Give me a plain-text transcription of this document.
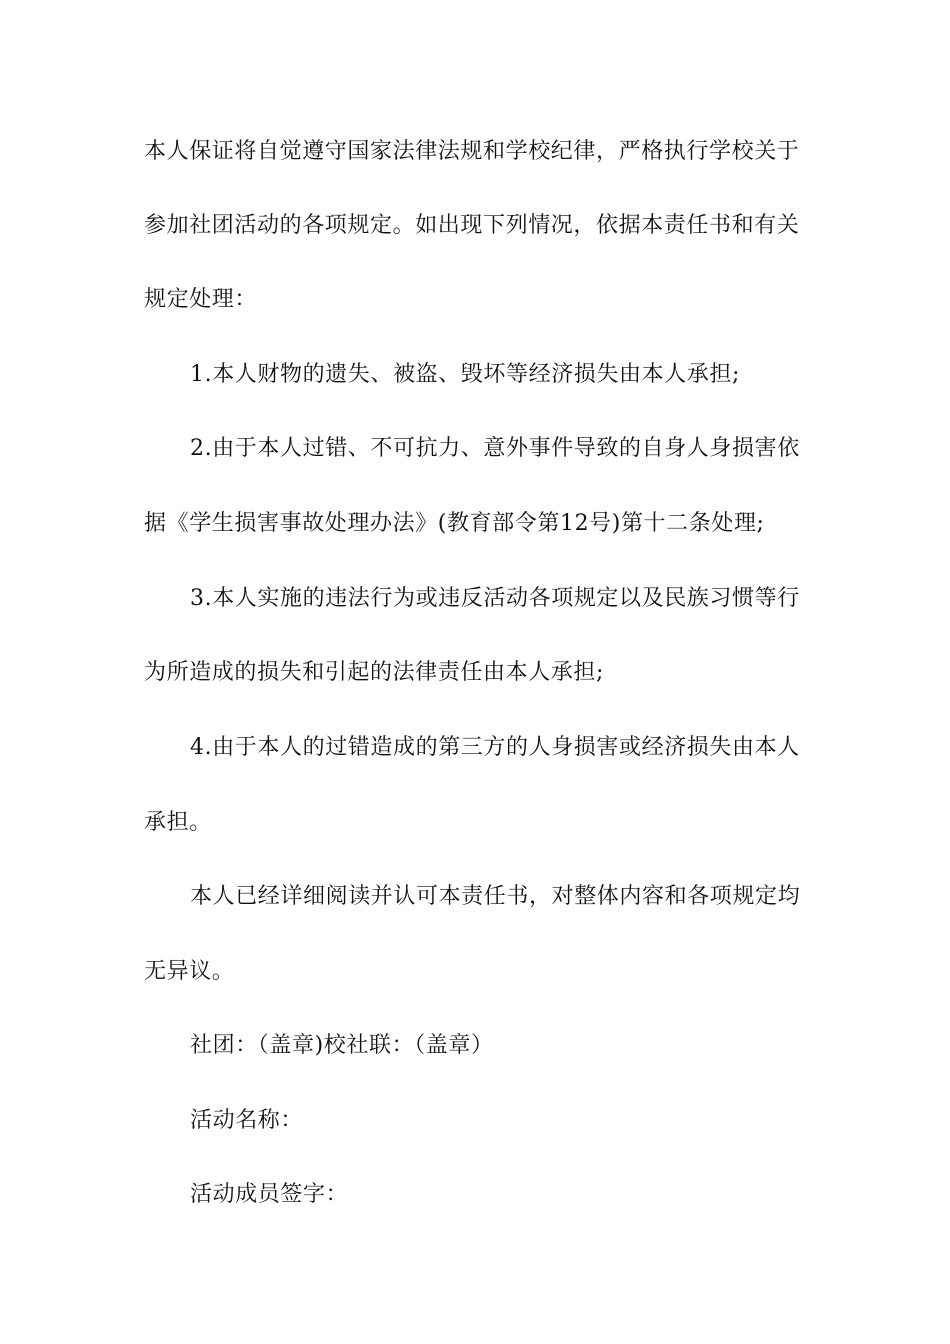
本人保证将自觉遵守国家法律法规和学校纪律，严格执行学校关于
参加社团活动的各项规定。如出现下列情况，依据本责任书和有关
规定处理：
1.本人财物的遗失、被盗、毁坏等经济损失由本人承担;
2.由于本人过错、不可抗力、意外事件导致的自身人身损害依
据《学生损害事故处理办法》(教育部令第12号)第十二条处理;
3.本人实施的违法行为或违反活动各项规定以及民族习惯等行
为所造成的损失和引起的法律责任由本人承担;
4.由于本人的过错造成的第三方的人身损害或经济损失由本人
承担。
本人已经详细阅读并认可本责任书，对整体内容和各项规定均
无异议。
社团：（盖章)校社联：（盖章）
活动名称：
活动成员签字：
